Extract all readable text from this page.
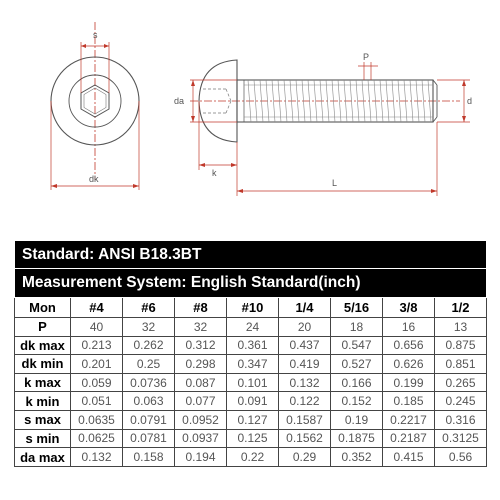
s
dk
P
d
da
k
L
Standard: ANSI B18.3BT								
Measurement System: English Standard(inch)								
Mon	#4	#6	#8	#10	1/4	5/16	3/8	1/2
P	40	32	32	24	20	18	16	13
dk max	0.213	0.262	0.312	0.361	0.437	0.547	0.656	0.875
dk min	0.201	0.25	0.298	0.347	0.419	0.527	0.626	0.851
k max	0.059	0.0736	0.087	0.101	0.132	0.166	0.199	0.265
k min	0.051	0.063	0.077	0.091	0.122	0.152	0.185	0.245
s max	0.0635	0.0791	0.0952	0.127	0.1587	0.19	0.2217	0.316
s min	0.0625	0.0781	0.0937	0.125	0.1562	0.1875	0.2187	0.3125
da max	0.132	0.158	0.194	0.22	0.29	0.352	0.415	0.56
